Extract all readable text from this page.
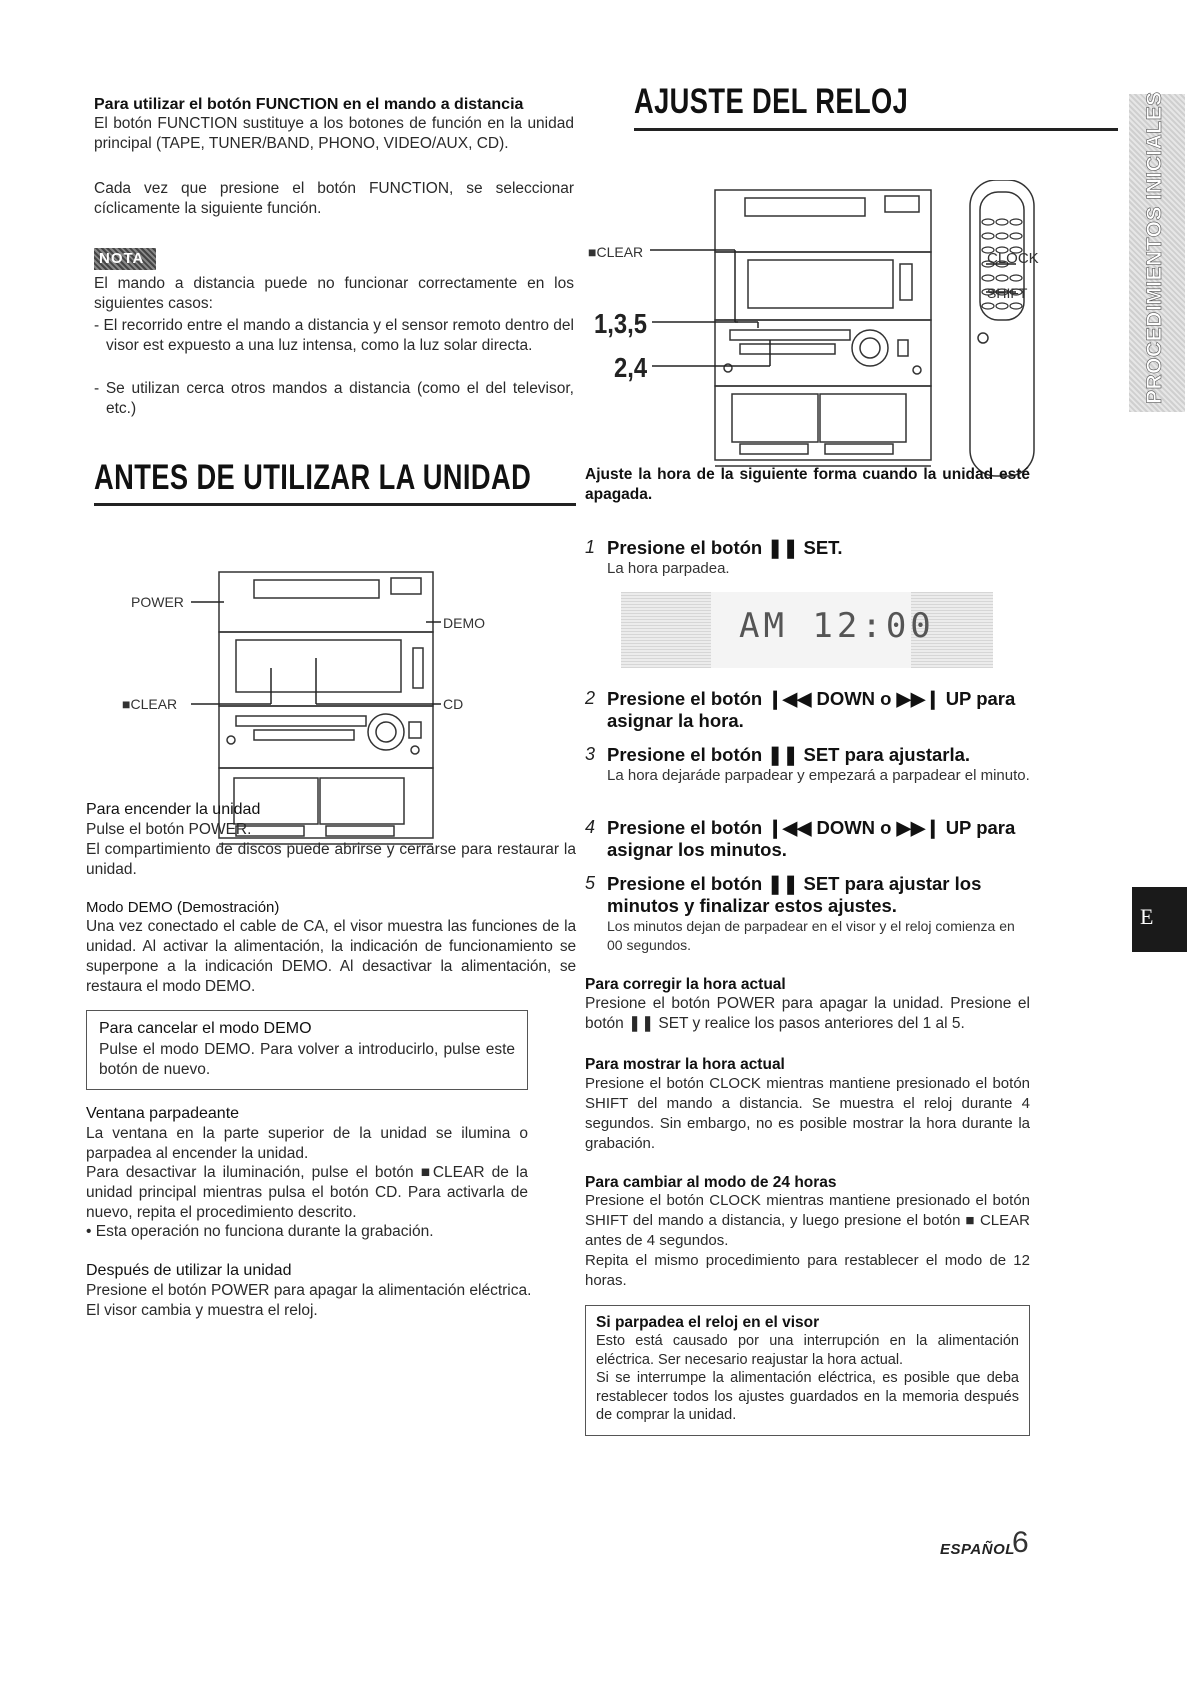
Para utilizar el botón FUNCTION en el mando a distancia
El botón FUNCTION sustituye a los botones de función en la unidad principal (TAPE, TUNER/BAND, PHONO, VIDEO/AUX, CD).
Cada vez que presione el botón FUNCTION, se seleccionar cíclicamente la siguiente función.
NOTA
El mando a distancia puede no funcionar correctamente en los siguientes casos:
- El recorrido entre el mando a distancia y el sensor remoto dentro del visor est expuesto a una luz intensa, como la luz solar directa.
- Se utilizan cerca otros mandos a distancia (como el del televisor, etc.)
ANTES DE UTILIZAR LA UNIDAD
POWER
DEMO
■CLEAR	CD
Para encender la unidad
Pulse el botón POWER.
El compartimiento de discos puede abrirse y cerrarse para restaurar la unidad.
Modo DEMO (Demostración)
Una vez conectado el cable de CA, el visor muestra las funciones de la unidad. Al activar la alimentación, la indicación de funcionamiento se superpone a la indicación DEMO. Al desactivar la alimentación, se restaura el modo DEMO.
Para cancelar el modo DEMO
Pulse el modo DEMO. Para volver a introducirlo, pulse este botón de nuevo.
Ventana parpadeante
La ventana en la parte superior de la unidad se ilumina o parpadea al encender la unidad.
Para desactivar la iluminación, pulse el botón ■CLEAR de la unidad principal mientras pulsa el botón CD. Para activarla de nuevo, repita el procedimiento descrito.
• Esta operación no funciona durante la grabación.
Después de utilizar la unidad
Presione el botón POWER para apagar la alimentación eléctrica.
El visor cambia y muestra el reloj.
AJUSTE DEL RELOJ
■CLEAR
1,3,5
2,4
CLOCK
SHIFT
Ajuste la hora de la siguiente forma cuando la unidad esté apagada.
1 Presione el botón ❚❚ SET.
La hora parpadea.
AM 12:00
2 Presione el botón ❙◀◀ DOWN o ▶▶❙ UP para asignar la hora.
3 Presione el botón ❚❚ SET para ajustarla.
La hora dejaráde parpadear y empezará a parpadear el minuto.
4 Presione el botón ❙◀◀ DOWN o ▶▶❙ UP para asignar los minutos.
5 Presione el botón ❚❚ SET para ajustar los minutos y finalizar estos ajustes.
Los minutos dejan de parpadear en el visor y el reloj comienza en 00 segundos.
Para corregir la hora actual
Presione el botón POWER para apagar la unidad. Presione el botón ❚❚ SET y realice los pasos anteriores del 1 al 5.
Para mostrar la hora actual
Presione el botón CLOCK mientras mantiene presionado el botón SHIFT del mando a distancia. Se muestra el reloj durante 4 segundos. Sin embargo, no es posible mostrar la hora durante la grabación.
Para cambiar al modo de 24 horas
Presione el botón CLOCK mientras mantiene presionado el botón SHIFT del mando a distancia, y luego presione el botón ■ CLEAR antes de 4 segundos.
Repita el mismo procedimiento para restablecer el modo de 12 horas.
Si parpadea el reloj en el visor
Esto está causado por una interrupción en la alimentación eléctrica. Ser necesario reajustar la hora actual.
Si se interrumpe la alimentación eléctrica, es posible que deba restablecer todos los ajustes guardados en la memoria después de comprar la unidad.
PROCEDIMIENTOS INICIALES
E
ESPAÑOL
6
